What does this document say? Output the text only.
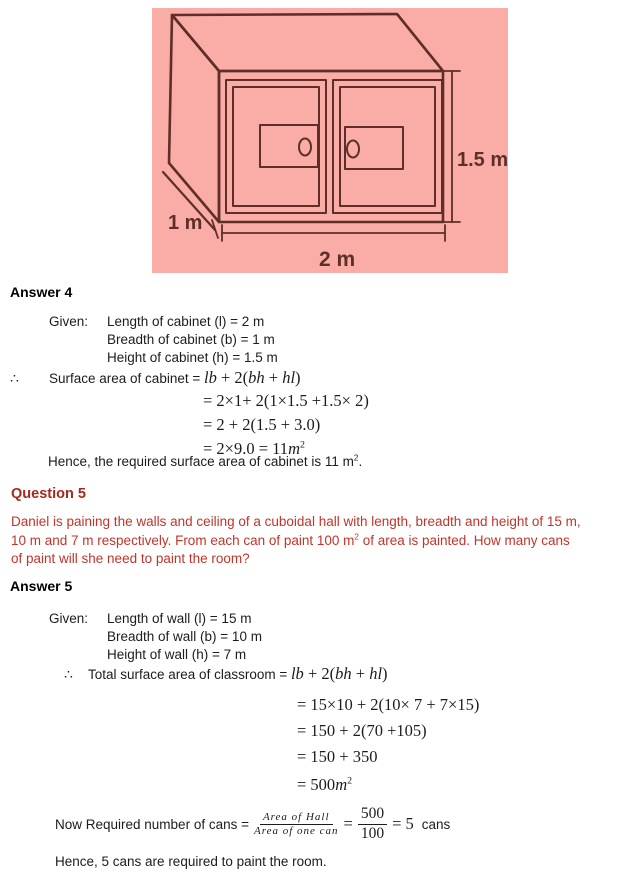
1.5 m
1 m
2 m
Answer 4
Given: Length of cabinet (l) = 2 m
Breadth of cabinet (b) = 1 m
Height of cabinet (h) = 1.5 m
∴ Surface area of cabinet = lb + 2(bh + hl)
= 2×1+ 2(1×1.5 +1.5× 2)
= 2 + 2(1.5 + 3.0)
= $2\times 9.0 = 11m^2$
Hence, the required surface area of cabinet is 11 $m^2$.
Question 5
Daniel is paining the walls and ceiling of a cuboidal hall with length, breadth and height of 15 m,
10 m and 7 m respectively. From each can of paint 100 $m^2$ of area is painted. How many cans
of paint will she need to paint the room?
Answer 5
Given: Length of wall (l) = 15 m
Breadth of wall (b) = 10 m
Height of wall (h) = 7 m
∴ Total surface area of classroom = lb + 2(bh + hl)
= 15×10 + 2(10× 7 + 7×15)
= 150 + 2(70 +105)
= 150 + 350
= $500m^2$
Now Required number of cans = $\frac{\text{Area of Hall}}{\text{Area of one can}} = \frac{500}{100} = 5$ cans
Hence, 5 cans are required to paint the room.
